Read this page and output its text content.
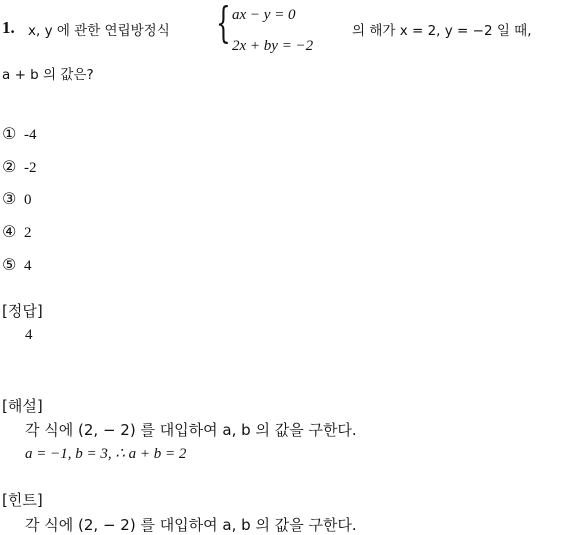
1. x, y 에 관한 연립방정식 { ax − y = 0
2x + by = −2
의 해가 x = 2, y = −2 일 때,
a + b 의 값은?
① -4
② -2
③ 0
④ 2
⑤ 4
[정답]
4
[해설]
각 식에 (2, − 2) 를 대입하여 a, b 의 값을 구한다.
a = −1, b = 3, ∴ a + b = 2
[힌트]
각 식에 (2, − 2) 를 대입하여 a, b 의 값을 구한다.
